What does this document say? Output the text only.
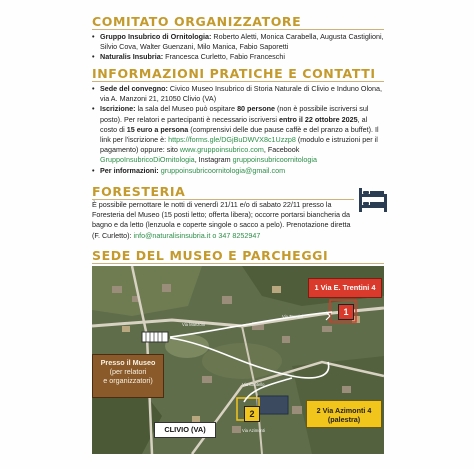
COMITATO ORGANIZZATORE
• Gruppo Insubrico di Ornitologia: Roberto Aletti, Monica Carabella, Augusta Castiglioni, Silvio Cova, Walter Guenzani, Milo Manica, Fabio Saporetti
• Naturalis Insubria: Francesca Curletto, Fabio Franceschi
INFORMAZIONI PRATICHE E CONTATTI
• Sede del convegno: Civico Museo Insubrico di Storia Naturale di Clivio e Induno Olona, via A. Manzoni 21, 21050 Clivio (VA)
• Iscrizione: la sala del Museo può ospitare 80 persone (non è possibile iscriversi sul posto). Per relatori e partecipanti è necessario iscriversi entro il 22 ottobre 2025, al costo di 15 euro a persona (comprensivi delle due pause caffè e del pranzo a buffet). Il link per l'iscrizione è: https://forms.gle/DGjBuDWVX8c1Uzzp8 (modulo e istruzioni per il pagamento) oppure: sito www.gruppoinsubrico.com, Facebook GruppoInsubricoDiOrnitologia, Instagram gruppoinsubricoornitologia
• Per informazioni: gruppoinsubricoornitologia@gmail.com
FORESTERIA
È possibile pernottare le notti di venerdì 21/11 e/o di sabato 22/11 presso la Foresteria del Museo (15 posti letto; offerta libera); occorre portarsi biancheria da bagno e da letto (lenzuola e coperte singole o sacco a pelo). Prenotazione diretta (F. Curletto): info@naturalisinsubria.it o 347 8252947
SEDE DEL MUSEO E PARCHEGGI
Via Manzoni
Via Trentini
Via Cantello
Via Azimonti
1
2
1 Via E. Trentini 4
2 Via Azimonti 4
(palestra)
Presso il Museo
(per relatori
e organizzatori)
CLIVIO (VA)
